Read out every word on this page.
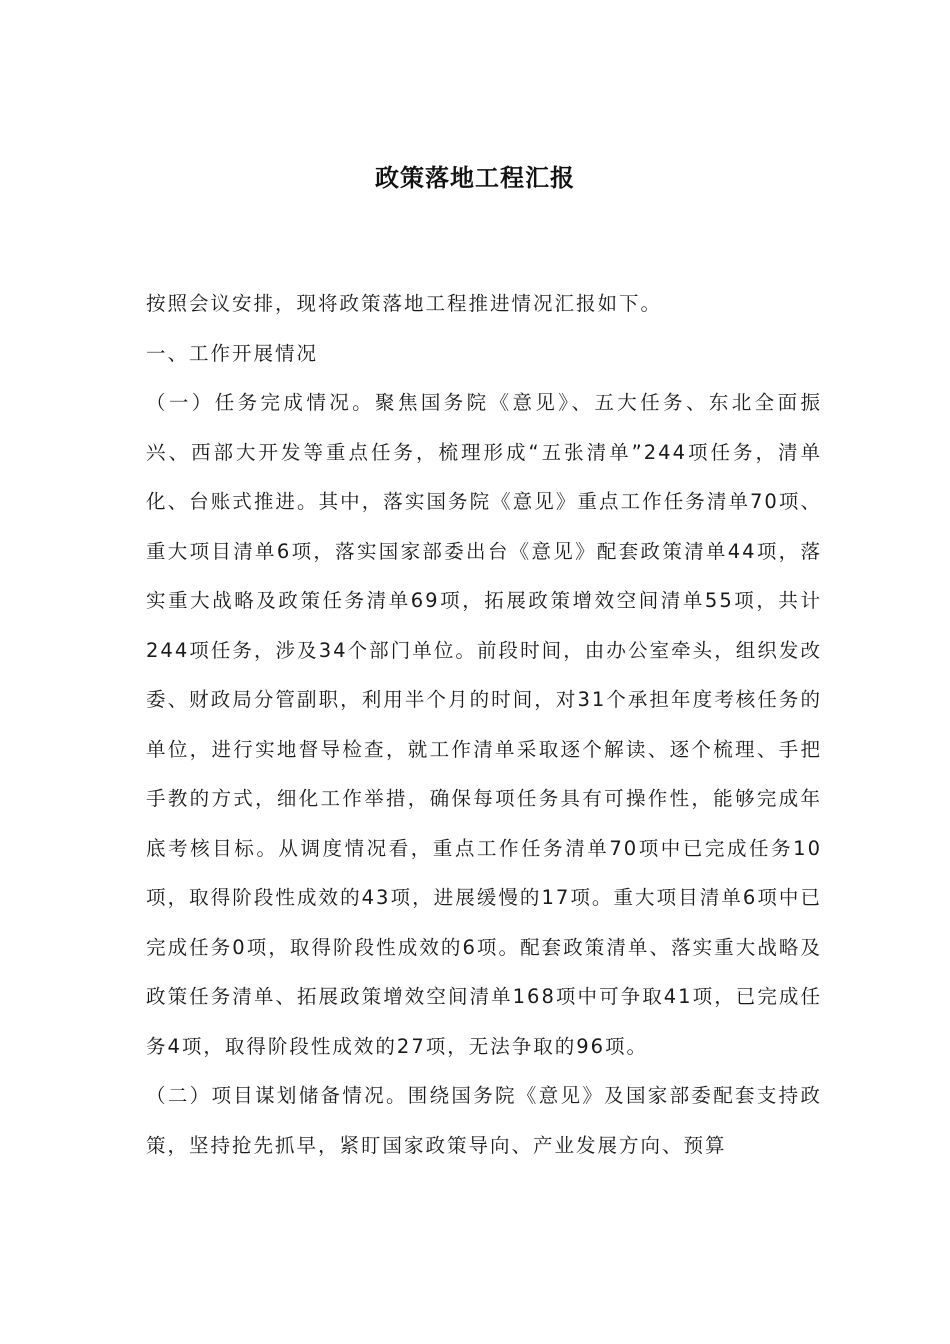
政策落地工程汇报

按照会议安排，现将政策落地工程推进情况汇报如下。

一、工作开展情况

（一）任务完成情况。聚焦国务院《意见》、五大任务、东北全面振兴、西部大开发等重点任务，梳理形成“五张清单”244项任务，清单化、台账式推进。其中，落实国务院《意见》重点工作任务清单70项、重大项目清单6项，落实国家部委出台《意见》配套政策清单44项，落实重大战略及政策任务清单69项，拓展政策增效空间清单55项，共计244项任务，涉及34个部门单位。前段时间，由办公室牵头，组织发改委、财政局分管副职，利用半个月的时间，对31个承担年度考核任务的单位，进行实地督导检查，就工作清单采取逐个解读、逐个梳理、手把手教的方式，细化工作举措，确保每项任务具有可操作性，能够完成年底考核目标。从调度情况看，重点工作任务清单70项中已完成任务10项，取得阶段性成效的43项，进展缓慢的17项。重大项目清单6项中已完成任务0项，取得阶段性成效的6项。配套政策清单、落实重大战略及政策任务清单、拓展政策增效空间清单168项中可争取41项，已完成任务4项，取得阶段性成效的27项，无法争取的96项。

（二）项目谋划储备情况。围绕国务院《意见》及国家部委配套支持政策，坚持抢先抓早，紧盯国家政策导向、产业发展方向、预算
